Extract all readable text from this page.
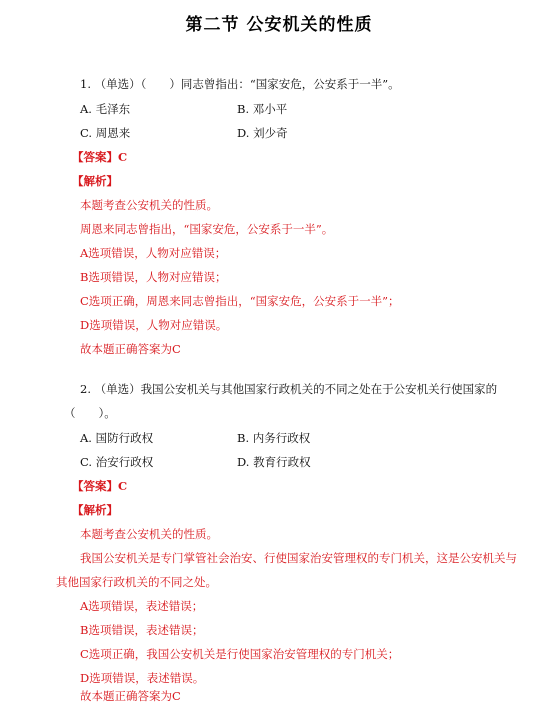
第二节 公安机关的性质
1. （单选）（　　）同志曾指出：“国家安危，公安系于一半”。
A. 毛泽东	B. 邓小平
C. 周恩来	D. 刘少奇
【答案】C
【解析】
本题考查公安机关的性质。
周恩来同志曾指出，“国家安危，公安系于一半”。
A选项错误，人物对应错误；
B选项错误，人物对应错误；
C选项正确，周恩来同志曾指出，“国家安危，公安系于一半”；
D选项错误，人物对应错误。
故本题正确答案为C
2. （单选）我国公安机关与其他国家行政机关的不同之处在于公安机关行使国家的
（　　）。
A. 国防行政权	B. 内务行政权
C. 治安行政权	D. 教育行政权
【答案】C
【解析】
本题考查公安机关的性质。
我国公安机关是专门掌管社会治安、行使国家治安管理权的专门机关，这是公安机关与
其他国家行政机关的不同之处。
A选项错误，表述错误；
B选项错误，表述错误；
C选项正确，我国公安机关是行使国家治安管理权的专门机关；
D选项错误，表述错误。
故本题正确答案为C
